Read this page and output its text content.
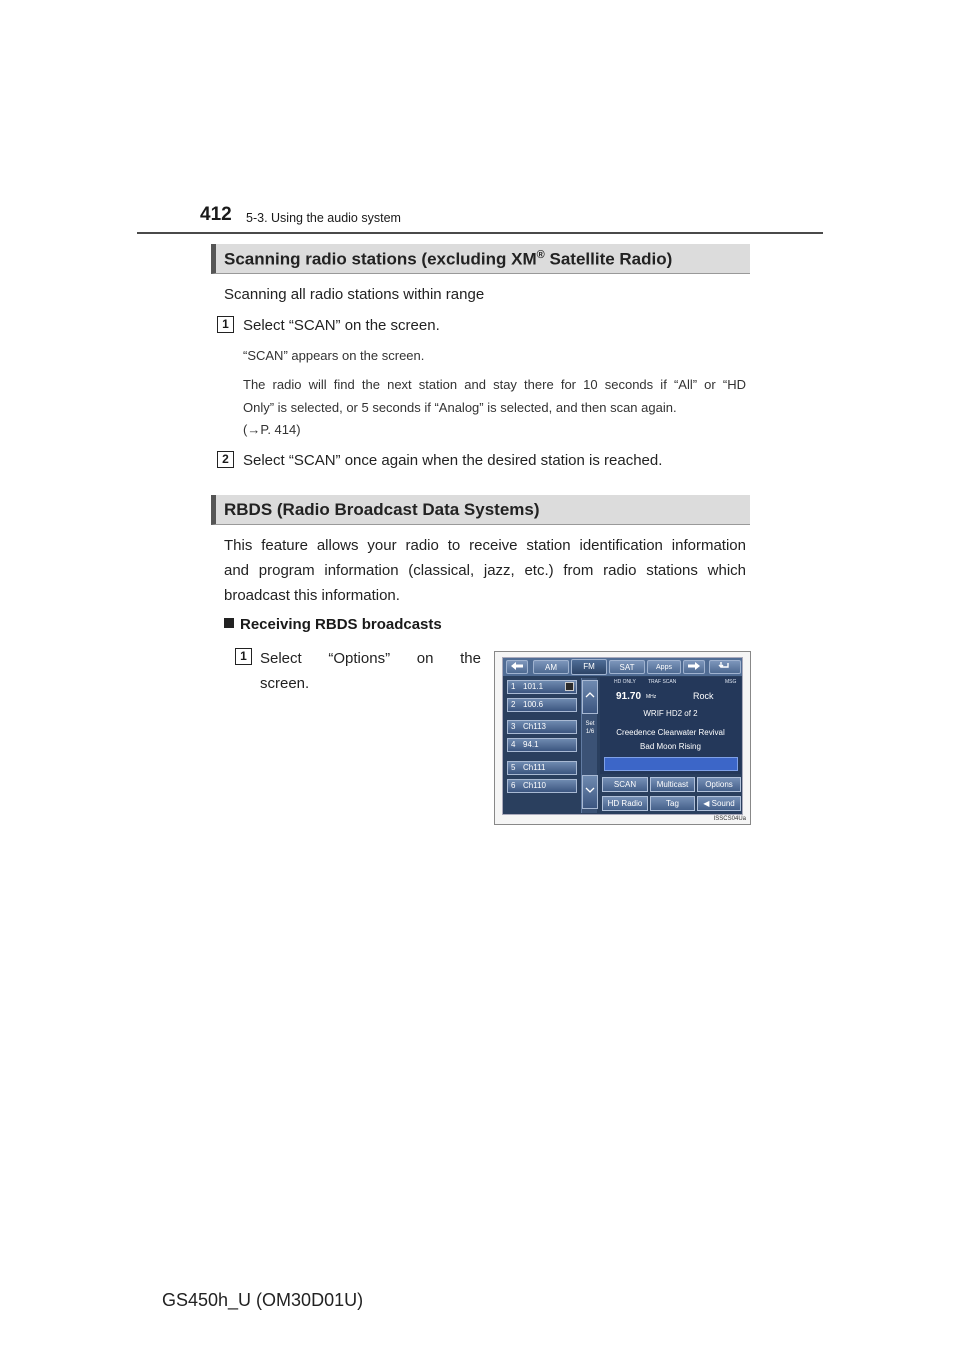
412 5-3. Using the audio system
Scanning radio stations (excluding XM® Satellite Radio)
Scanning all radio stations within range
1 Select “SCAN” on the screen.
“SCAN” appears on the screen.
The radio will find the next station and stay there for 10 seconds if “All” or “HD
Only” is selected, or 5 seconds if “Analog” is selected, and then scan again.
(→P. 414)
2 Select “SCAN” once again when the desired station is reached.
RBDS (Radio Broadcast Data Systems)
This feature allows your radio to receive station identification information
and program information (classical, jazz, etc.) from radio stations which
broadcast this information.
Receiving RBDS broadcasts
1 Select “Options” on the
screen.
AM	FM	SAT	Apps
1 101.1
2 100.6
3 Ch113
4 94.1
5 Ch111
6 Ch110
Set
1/6
HD ONLY TRAF SCAN	MSG
91.70 MHz	Rock
WRIF HD2 of 2
Creedence Clearwater Revival
Bad Moon Rising
SCAN	Multicast	Options
HD Radio	Tag	◀ Sound
ISSCS04Ua
GS450h_U (OM30D01U)
